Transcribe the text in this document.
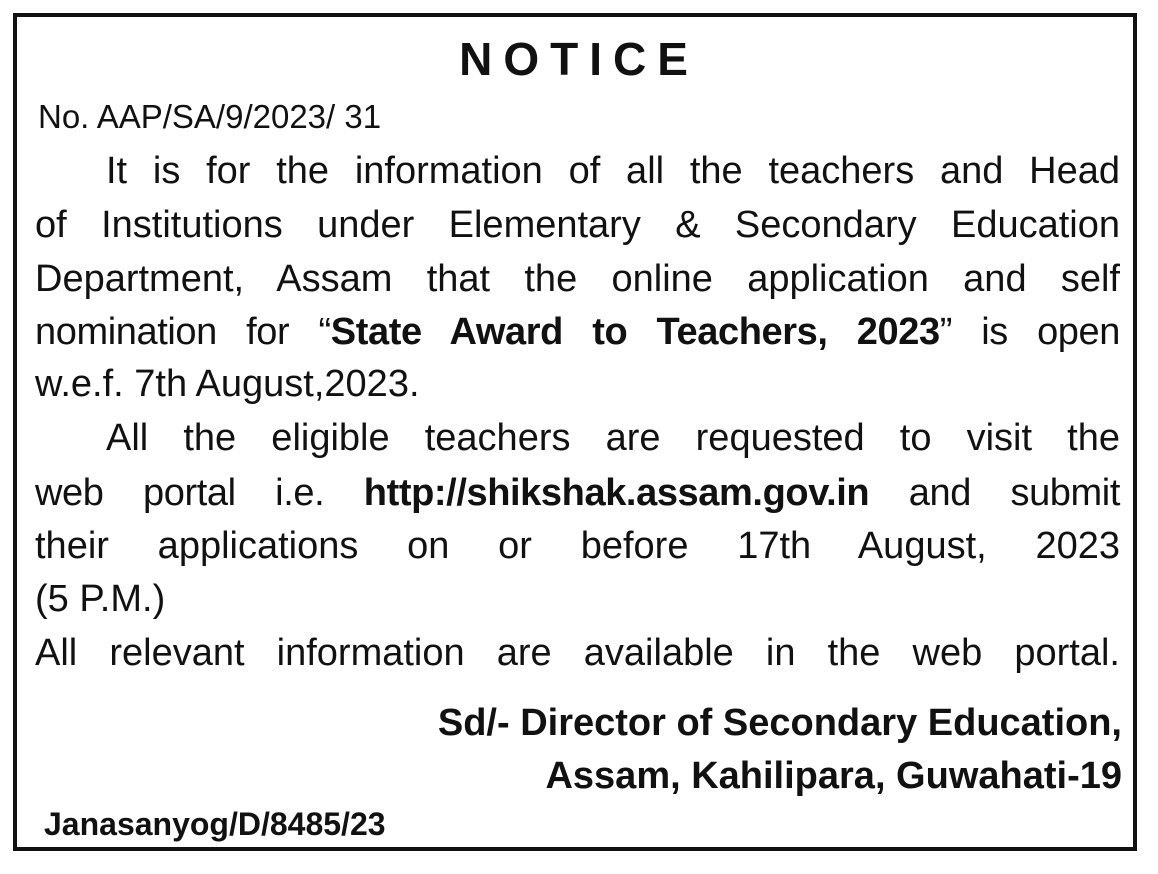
NOTICE
No. AAP/SA/9/2023/ 31
It is for the information of all the teachers and Head
of Institutions under Elementary & Secondary Education
Department, Assam that the online application and self
nomination for “State Award to Teachers, 2023” is open
w.e.f. 7th August,2023.
All the eligible teachers are requested to visit the
web portal i.e. http://shikshak.assam.gov.in and submit
their applications on or before 17th August, 2023
(5 P.M.)
All relevant information are available in the web portal.
Sd/- Director of Secondary Education,
Assam, Kahilipara, Guwahati-19
Janasanyog/D/8485/23
